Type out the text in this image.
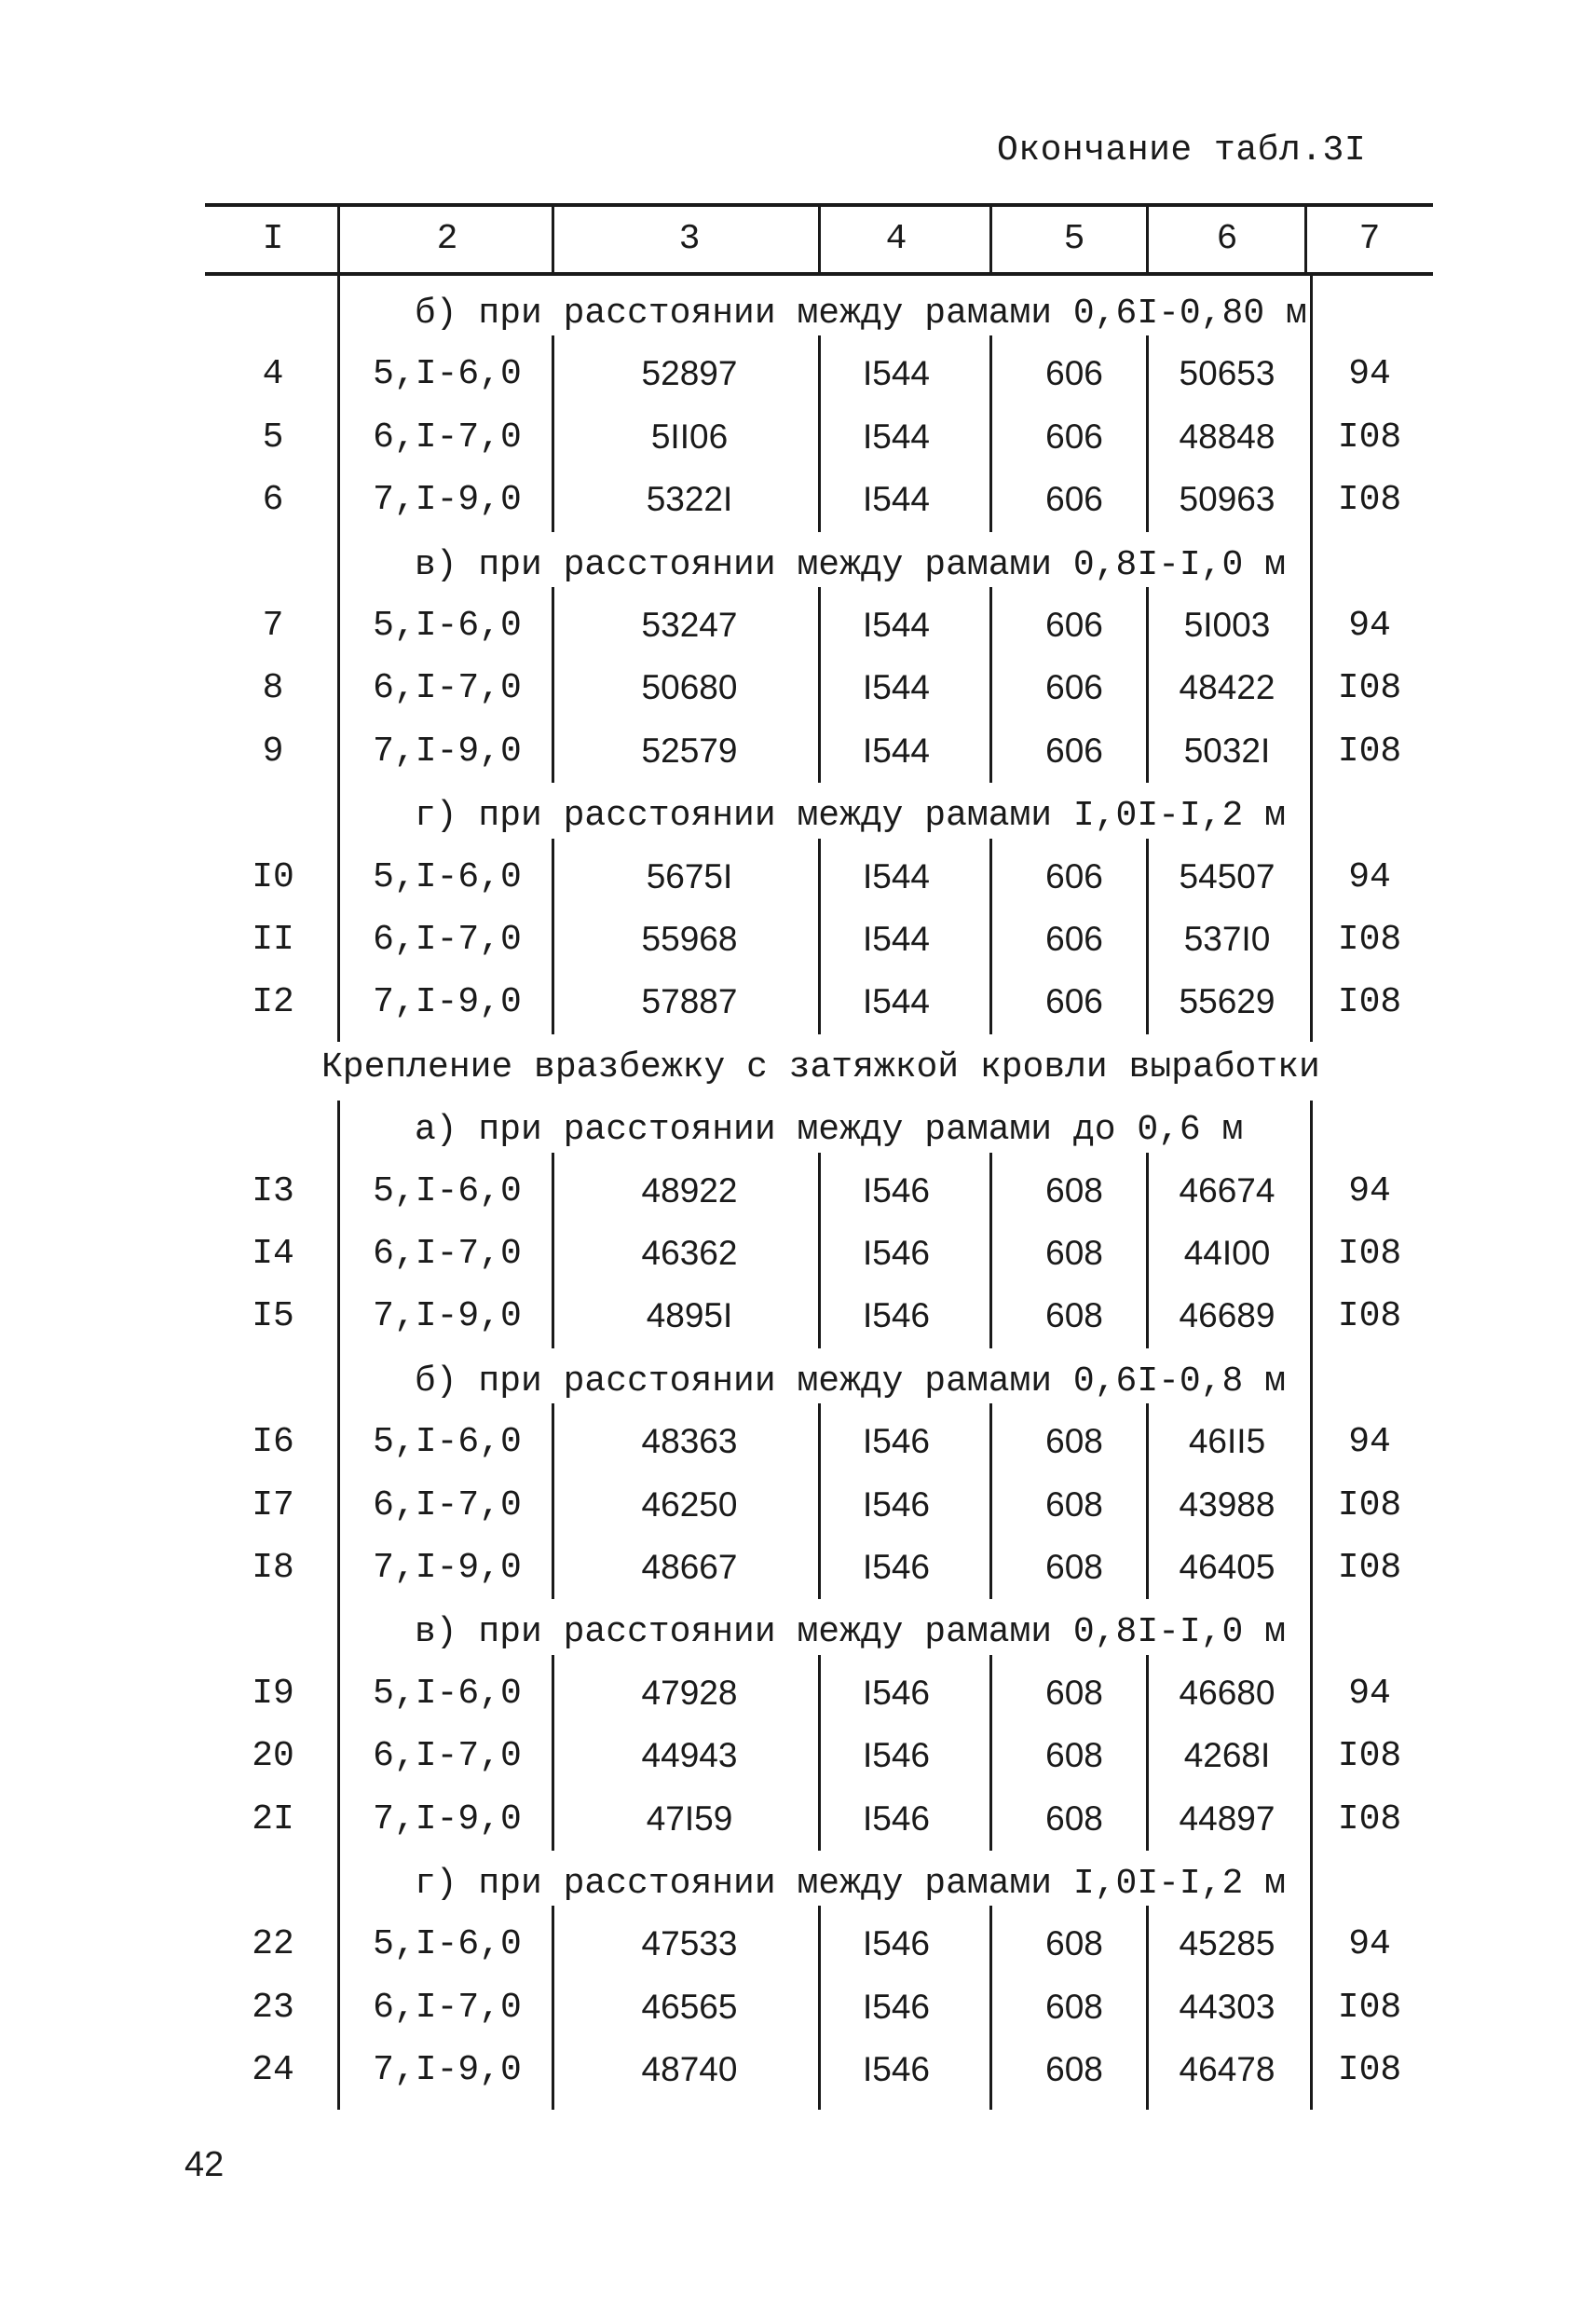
Окончание табл.3I
I	2	3	4	5	6	7
б) при расстоянии между рамами 0,6I-0,80 м
4	5,I-6,0	52897	I544	606 50653 94
5	6,I-7,0	5II06	I544	606 48848 I08
6	7,I-9,0	5322I	I544	606 50963 I08
в) при расстоянии между рамами 0,8I-I,0 м
7	5,I-6,0	53247	I544	606 5I003 94
8	6,I-7,0	50680	I544	606 48422 I08
9	7,I-9,0	52579	I544	606 5032I I08
г) при расстоянии между рамами I,0I-I,2 м
I0 5,I-6,0	5675I	I544	606 54507 94
II 6,I-7,0	55968	I544	606 537I0 I08
I2 7,I-9,0	57887	I544	606 55629 I08
Крепление вразбежку с затяжкой кровли выработки
а) при расстоянии между рамами до 0,6 м
I3 5,I-6,0	48922	I546	608 46674 94
I4 6,I-7,0	46362	I546	608 44I00 I08
I5 7,I-9,0	4895I	I546	608 46689 I08
б) при расстоянии между рамами 0,6I-0,8 м
I6 5,I-6,0	48363	I546	608 46II5 94
I7 6,I-7,0	46250	I546	608 43988 I08
I8 7,I-9,0	48667	I546	608 46405 I08
в) при расстоянии между рамами 0,8I-I,0 м
I9 5,I-6,0	47928	I546	608 46680 94
20 6,I-7,0	44943	I546	608 4268I I08
2I 7,I-9,0	47I59	I546	608 44897 I08
г) при расстоянии между рамами I,0I-I,2 м
22 5,I-6,0	47533	I546	608 45285 94
23 6,I-7,0	46565	I546	608 44303 I08
24 7,I-9,0	48740	I546	608 46478 I08
42
